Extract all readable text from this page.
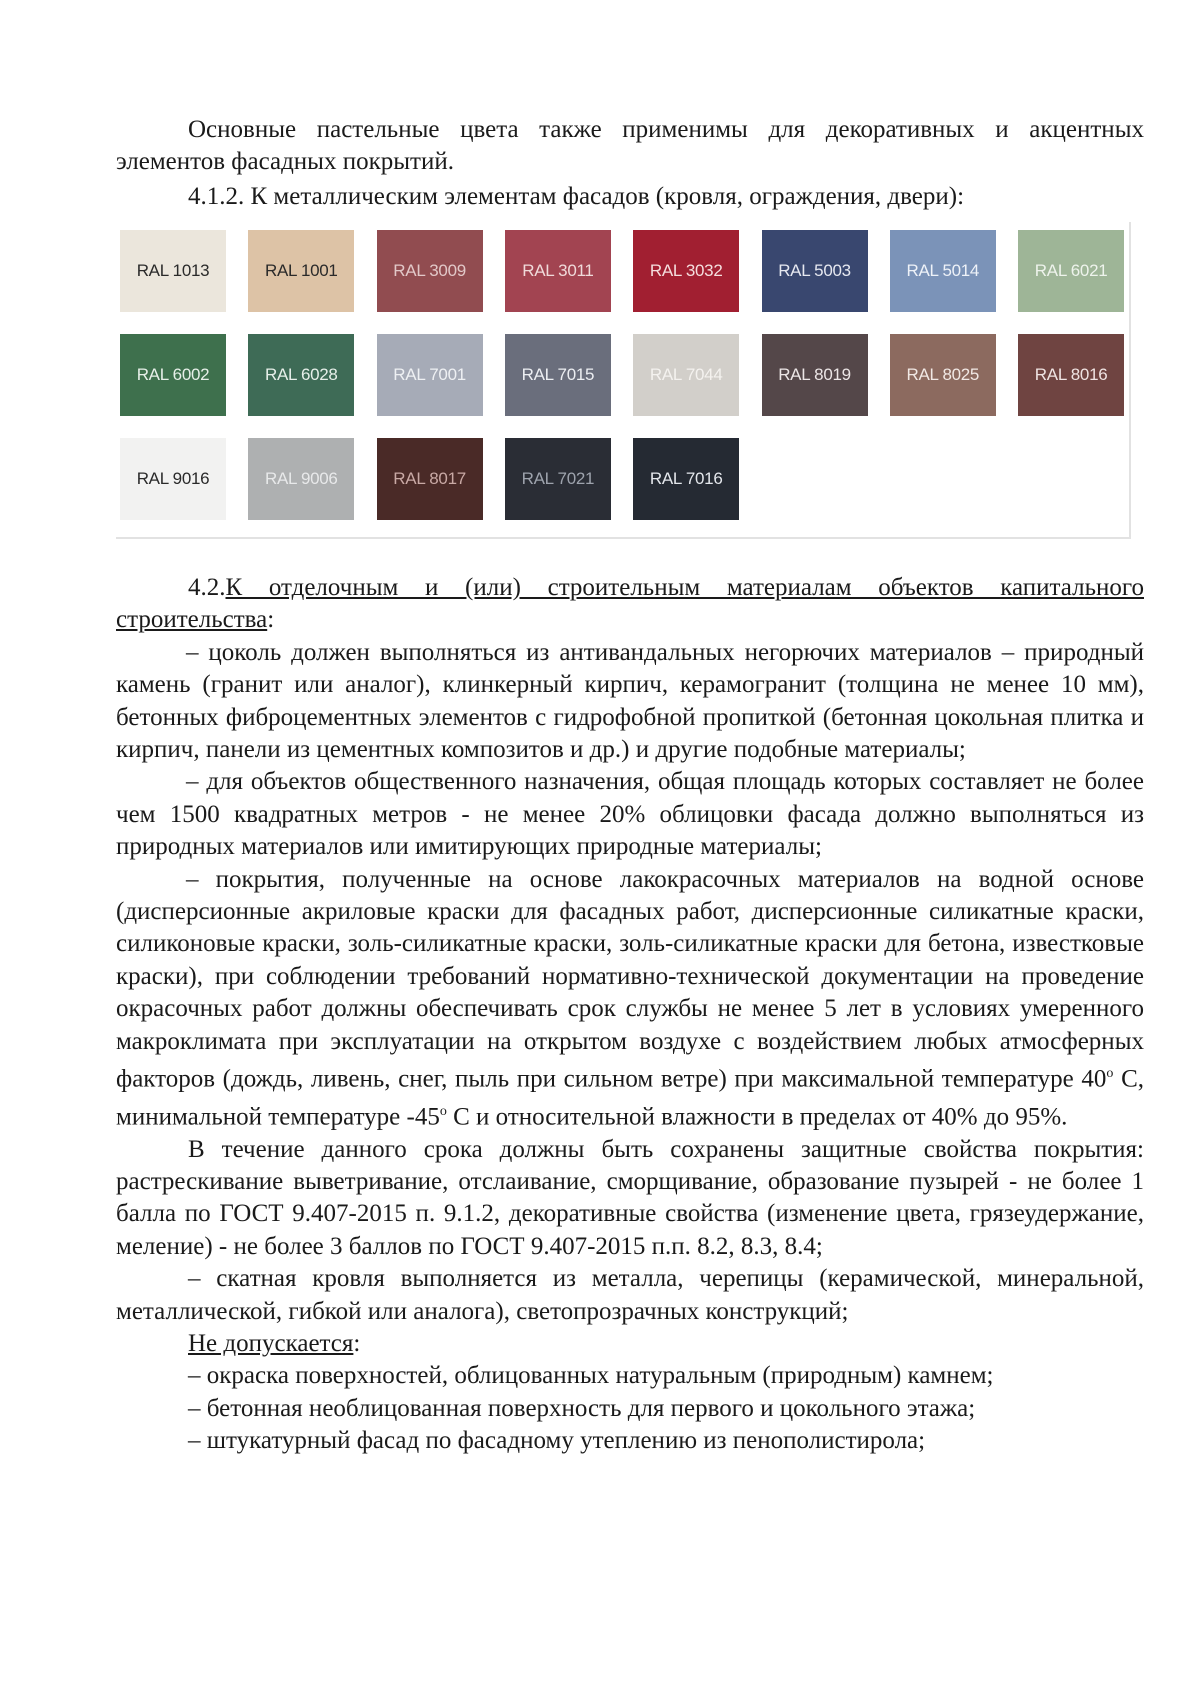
Основные пастельные цвета также применимы для декоративных и акцентных элементов фасадных покрытий.

4.1.2. К металлическим элементам фасадов (кровля, ограждения, двери):

RAL 1013	RAL 1001	RAL 3009	RAL 3011	RAL 3032	RAL 5003	RAL 5014	RAL 6021
RAL 6002	RAL 6028	RAL 7001	RAL 7015	RAL 7044	RAL 8019	RAL 8025	RAL 8016
RAL 9016	RAL 9006	RAL 8017	RAL 7021	RAL 7016

4.2.К отделочным и (или) строительным материалам объектов капитального строительства:

– цоколь должен выполняться из антивандальных негорючих материалов – природный камень (гранит или аналог), клинкерный кирпич, керамогранит (толщина не менее 10 мм), бетонных фиброцементных элементов с гидрофобной пропиткой (бетонная цокольная плитка и кирпич, панели из цементных композитов и др.) и другие подобные материалы;

– для объектов общественного назначения, общая площадь которых составляет не более чем 1500 квадратных метров - не менее 20% облицовки фасада должно выполняться из природных материалов или имитирующих природные материалы;

– покрытия, полученные на основе лакокрасочных материалов на водной основе (дисперсионные акриловые краски для фасадных работ, дисперсионные силикатные краски, силиконовые краски, золь-силикатные краски, золь-силикатные краски для бетона, известковые краски), при соблюдении требований нормативно-технической документации на проведение окрасочных работ должны обеспечивать срок службы не менее 5 лет в условиях умеренного макроклимата при эксплуатации на открытом воздухе с воздействием любых атмосферных факторов (дождь, ливень, снег, пыль при сильном ветре) при максимальной температуре 40$^o$ С, минимальной температуре -45$^o$ С и относительной влажности в пределах от 40% до 95%.

В течение данного срока должны быть сохранены защитные свойства покрытия: растрескивание выветривание, отслаивание, сморщивание, образование пузырей - не более 1 балла по ГОСТ 9.407-2015 п. 9.1.2, декоративные свойства (изменение цвета, грязеудержание, меление) - не более 3 баллов по ГОСТ 9.407-2015 п.п. 8.2, 8.3, 8.4;

– скатная кровля выполняется из металла, черепицы (керамической, минеральной, металлической, гибкой или аналога), светопрозрачных конструкций;

Не допускается:

– окраска поверхностей, облицованных натуральным (природным) камнем;

– бетонная необлицованная поверхность для первого и цокольного этажа;

– штукатурный фасад по фасадному утеплению из пенополистирола;
